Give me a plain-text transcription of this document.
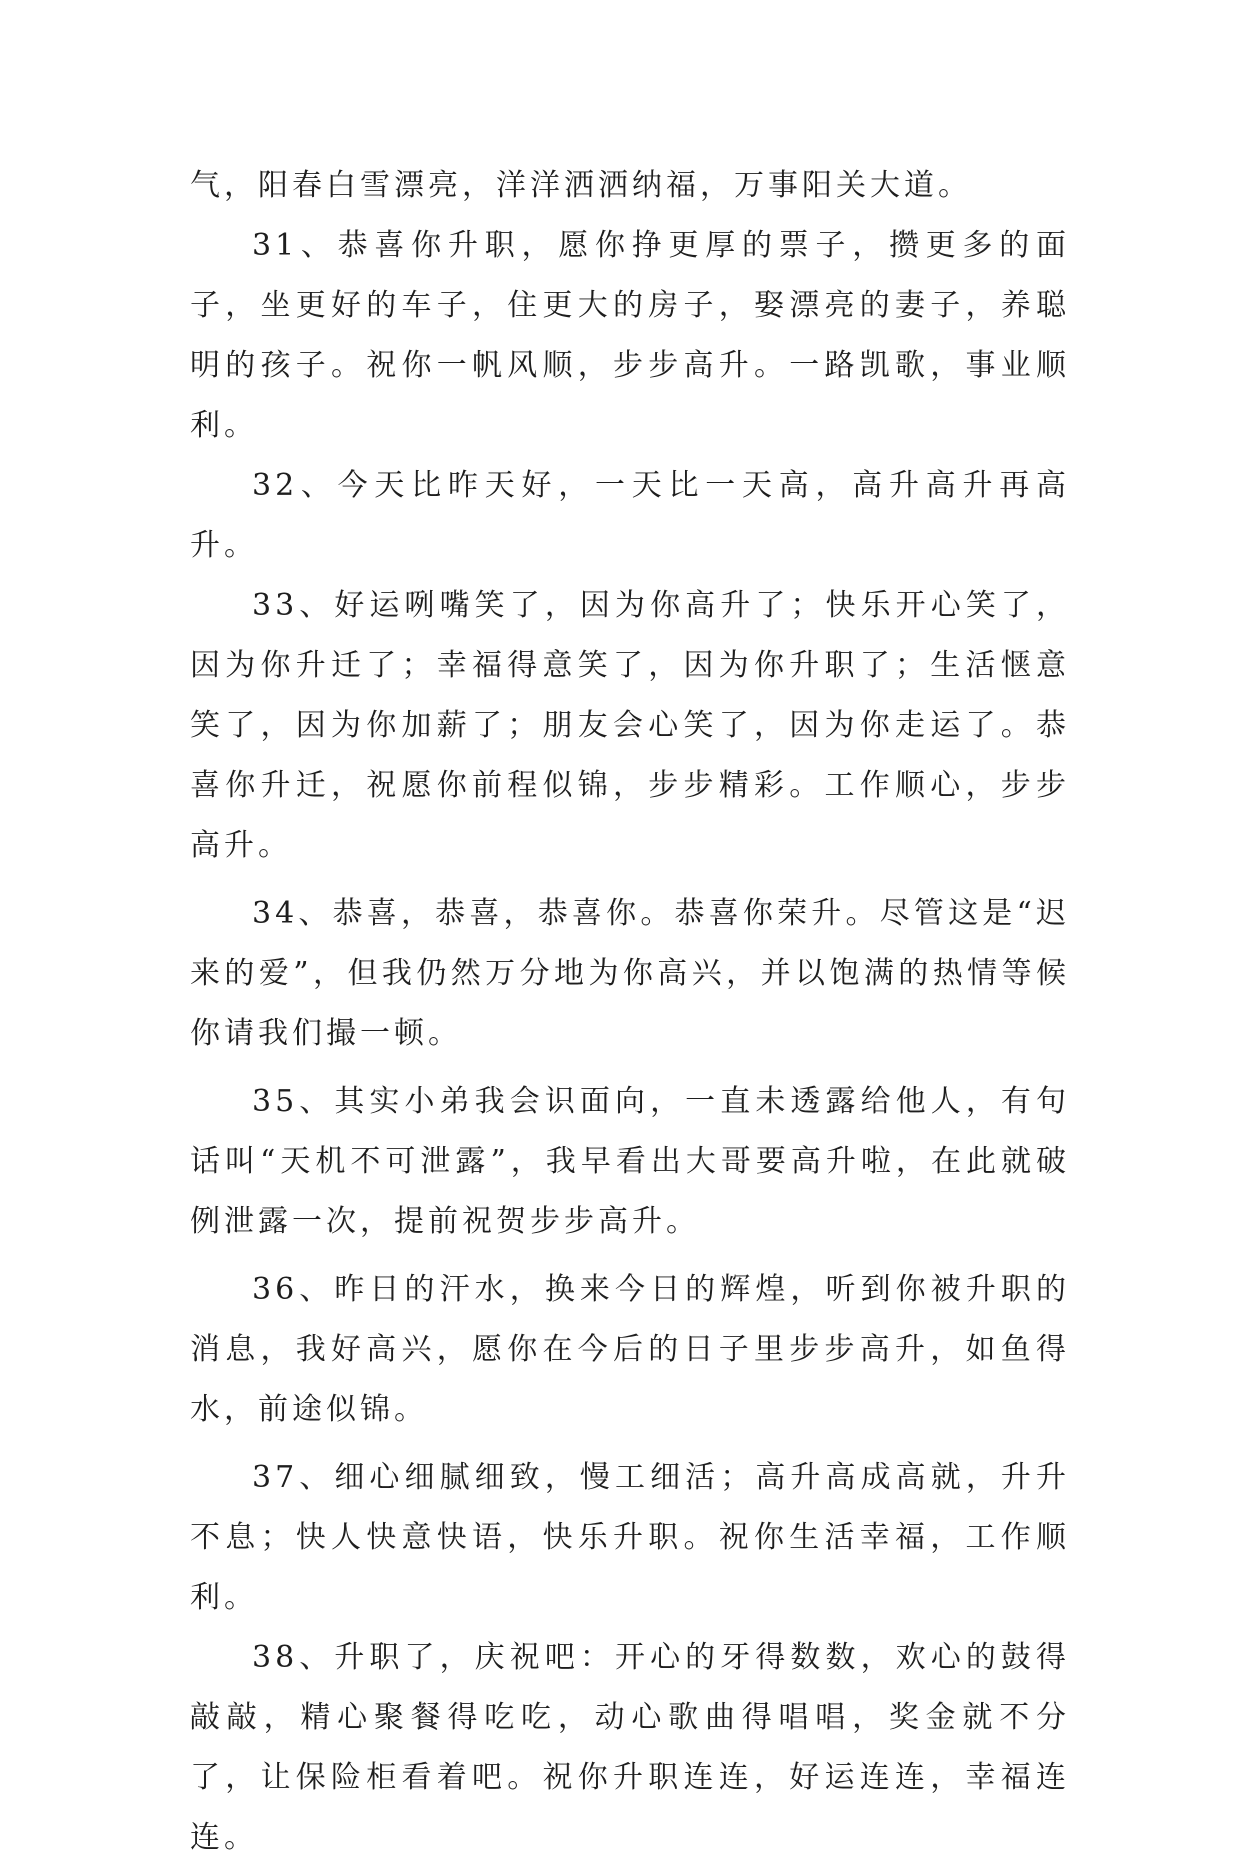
气，阳春白雪漂亮，洋洋洒洒纳福，万事阳关大道。

31、恭喜你升职，愿你挣更厚的票子，攒更多的面子，坐更好的车子，住更大的房子，娶漂亮的妻子，养聪明的孩子。祝你一帆风顺，步步高升。一路凯歌，事业顺利。

32、今天比昨天好，一天比一天高，高升高升再高升。

33、好运咧嘴笑了，因为你高升了；快乐开心笑了，因为你升迁了；幸福得意笑了，因为你升职了；生活惬意笑了，因为你加薪了；朋友会心笑了，因为你走运了。恭喜你升迁，祝愿你前程似锦，步步精彩。工作顺心，步步高升。

34、恭喜，恭喜，恭喜你。恭喜你荣升。尽管这是“迟来的爱”，但我仍然万分地为你高兴，并以饱满的热情等候你请我们撮一顿。

35、其实小弟我会识面向，一直未透露给他人，有句话叫“天机不可泄露”，我早看出大哥要高升啦，在此就破例泄露一次，提前祝贺步步高升。

36、昨日的汗水，换来今日的辉煌，听到你被升职的消息，我好高兴，愿你在今后的日子里步步高升，如鱼得水，前途似锦。

37、细心细腻细致，慢工细活；高升高成高就，升升不息；快人快意快语，快乐升职。祝你生活幸福，工作顺利。

38、升职了，庆祝吧：开心的牙得数数，欢心的鼓得敲敲，精心聚餐得吃吃，动心歌曲得唱唱，奖金就不分了，让保险柜看着吧。祝你升职连连，好运连连，幸福连连。
